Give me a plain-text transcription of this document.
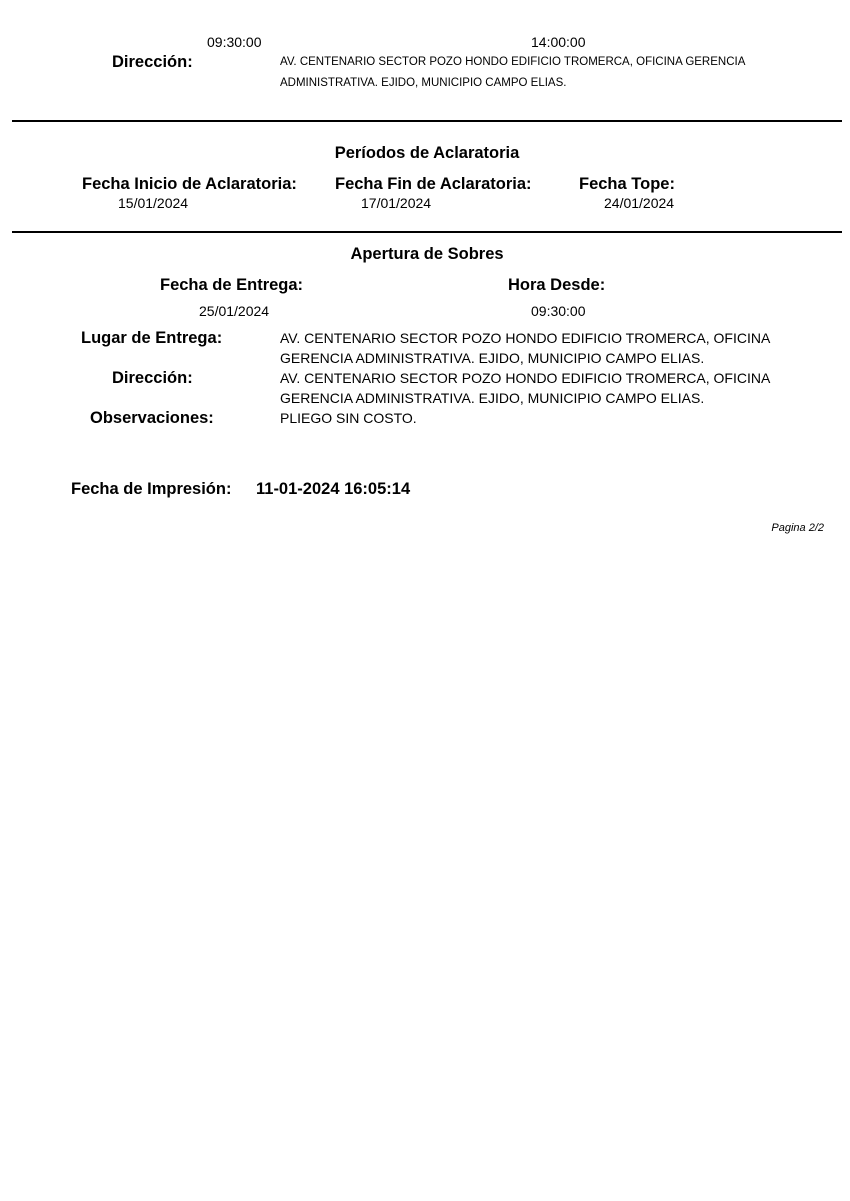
09:30:00	14:00:00
Dirección:	AV. CENTENARIO SECTOR POZO HONDO EDIFICIO TROMERCA, OFICINA GERENCIA ADMINISTRATIVA. EJIDO, MUNICIPIO CAMPO ELIAS.
Períodos de Aclaratoria
Fecha Inicio de Aclaratoria:
15/01/2024
Fecha Fin de Aclaratoria:
17/01/2024
Fecha Tope:
24/01/2024
Apertura de Sobres
Fecha de Entrega:
25/01/2024
Hora Desde:
09:30:00
Lugar de Entrega:	AV. CENTENARIO SECTOR POZO HONDO EDIFICIO TROMERCA, OFICINA GERENCIA ADMINISTRATIVA. EJIDO, MUNICIPIO CAMPO ELIAS.
Dirección:	AV. CENTENARIO SECTOR POZO HONDO EDIFICIO TROMERCA, OFICINA GERENCIA ADMINISTRATIVA. EJIDO, MUNICIPIO CAMPO ELIAS.
Observaciones:	PLIEGO SIN COSTO.
Fecha de Impresión: 11-01-2024 16:05:14
Pagina 2/2
